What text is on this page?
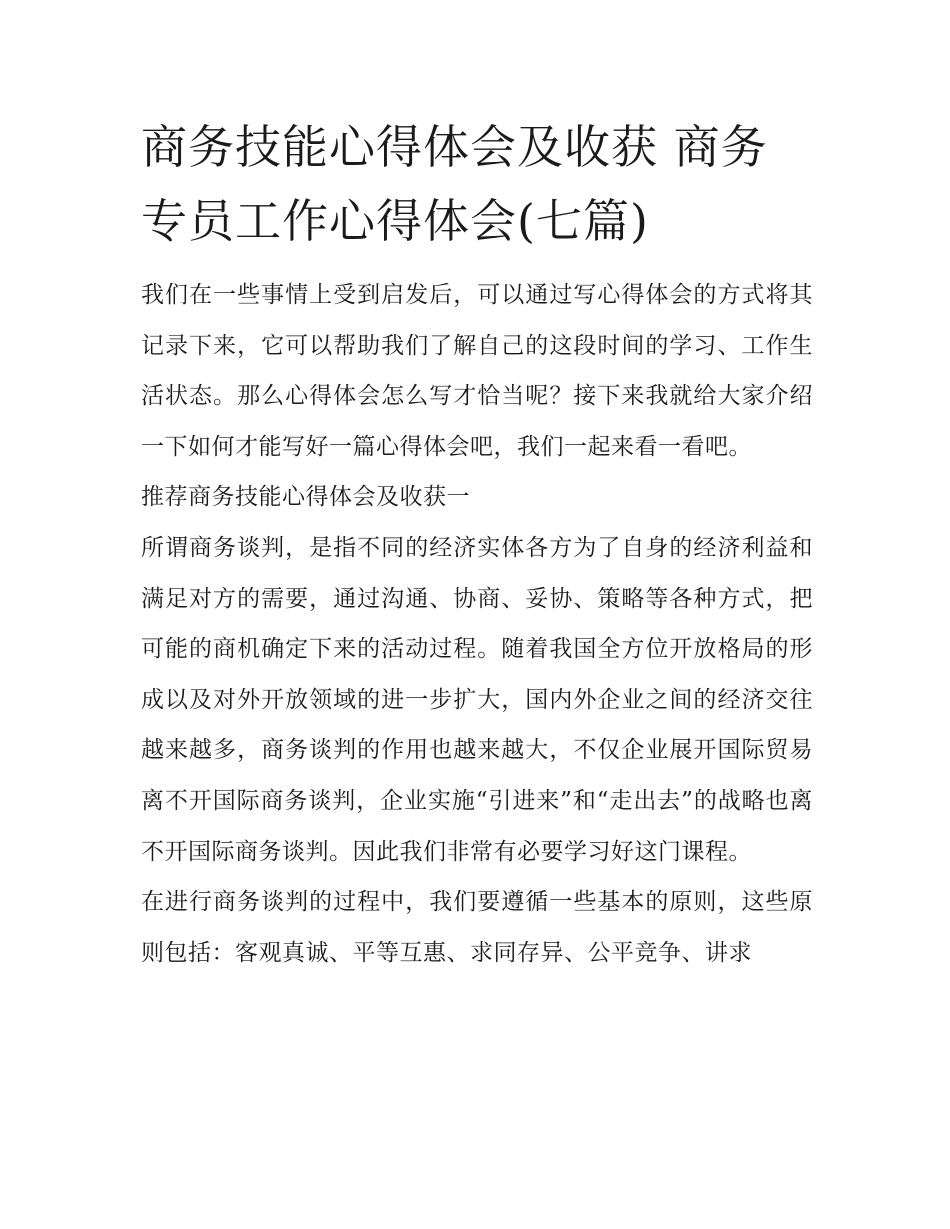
商务技能心得体会及收获 商务专员工作心得体会(七篇)

我们在一些事情上受到启发后，可以通过写心得体会的方式将其记录下来，它可以帮助我们了解自己的这段时间的学习、工作生活状态。那么心得体会怎么写才恰当呢？接下来我就给大家介绍一下如何才能写好一篇心得体会吧，我们一起来看一看吧。

推荐商务技能心得体会及收获一

所谓商务谈判，是指不同的经济实体各方为了自身的经济利益和满足对方的需要，通过沟通、协商、妥协、策略等各种方式，把可能的商机确定下来的活动过程。随着我国全方位开放格局的形成以及对外开放领域的进一步扩大，国内外企业之间的经济交往越来越多，商务谈判的作用也越来越大，不仅企业展开国际贸易离不开国际商务谈判，企业实施“引进来”和“走出去”的战略也离不开国际商务谈判。因此我们非常有必要学习好这门课程。

在进行商务谈判的过程中，我们要遵循一些基本的原则，这些原则包括：客观真诚、平等互惠、求同存异、公平竞争、讲求
